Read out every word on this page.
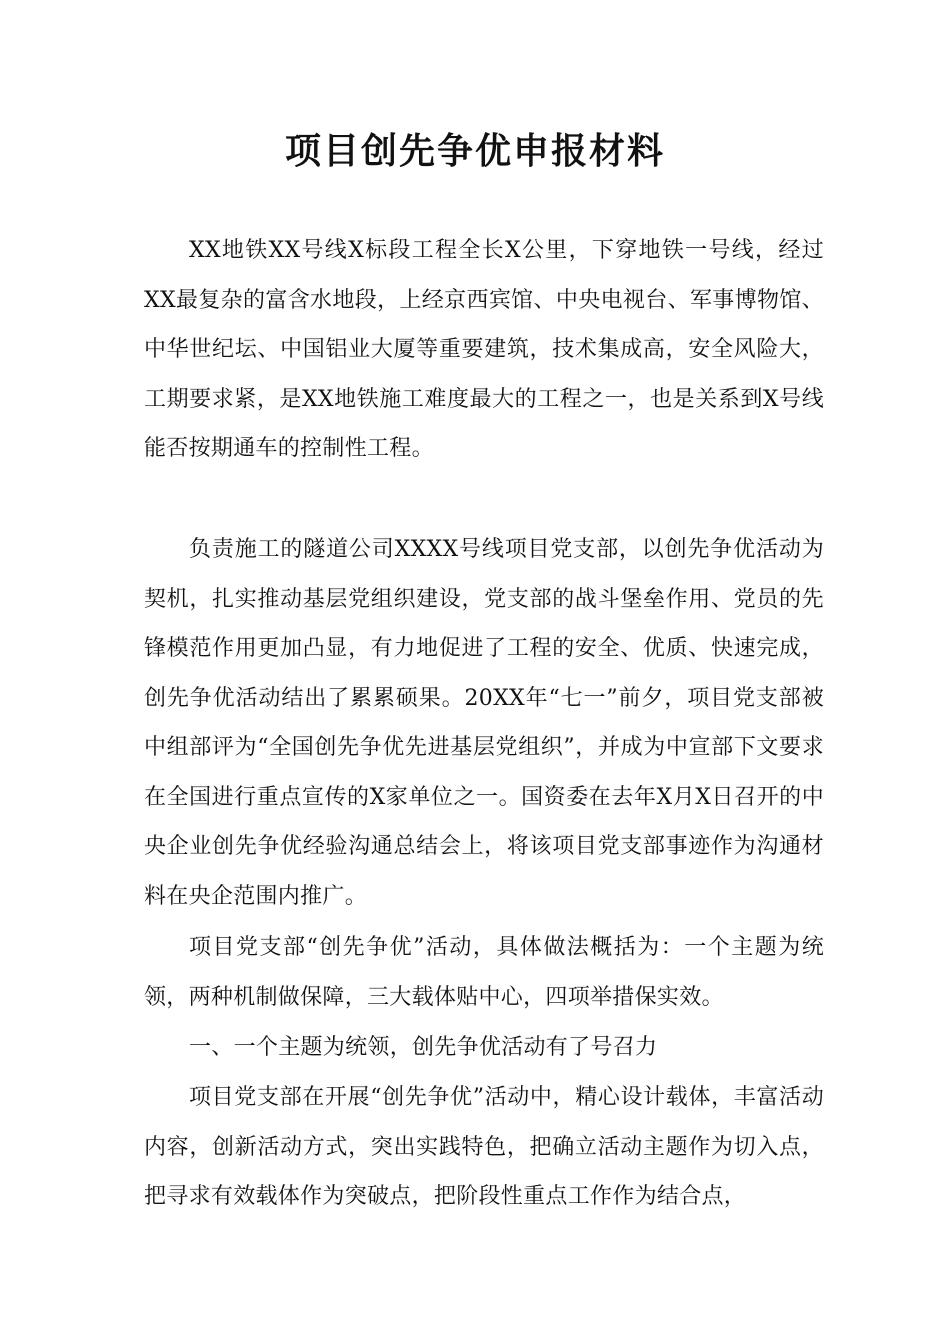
项目创先争优申报材料

XX地铁XX号线X标段工程全长X公里，下穿地铁一号线，经过XX最复杂的富含水地段，上经京西宾馆、中央电视台、军事博物馆、中华世纪坛、中国铝业大厦等重要建筑，技术集成高，安全风险大，工期要求紧，是XX地铁施工难度最大的工程之一，也是关系到X号线能否按期通车的控制性工程。

负责施工的隧道公司XXXX号线项目党支部，以创先争优活动为契机，扎实推动基层党组织建设，党支部的战斗堡垒作用、党员的先锋模范作用更加凸显，有力地促进了工程的安全、优质、快速完成，创先争优活动结出了累累硕果。20XX年“七一”前夕，项目党支部被中组部评为“全国创先争优先进基层党组织”，并成为中宣部下文要求在全国进行重点宣传的X家单位之一。国资委在去年X月X日召开的中央企业创先争优经验沟通总结会上，将该项目党支部事迹作为沟通材料在央企范围内推广。

项目党支部“创先争优”活动，具体做法概括为：一个主题为统领，两种机制做保障，三大载体贴中心，四项举措保实效。

一、一个主题为统领，创先争优活动有了号召力

项目党支部在开展“创先争优”活动中，精心设计载体，丰富活动内容，创新活动方式，突出实践特色，把确立活动主题作为切入点，把寻求有效载体作为突破点，把阶段性重点工作作为结合点，
